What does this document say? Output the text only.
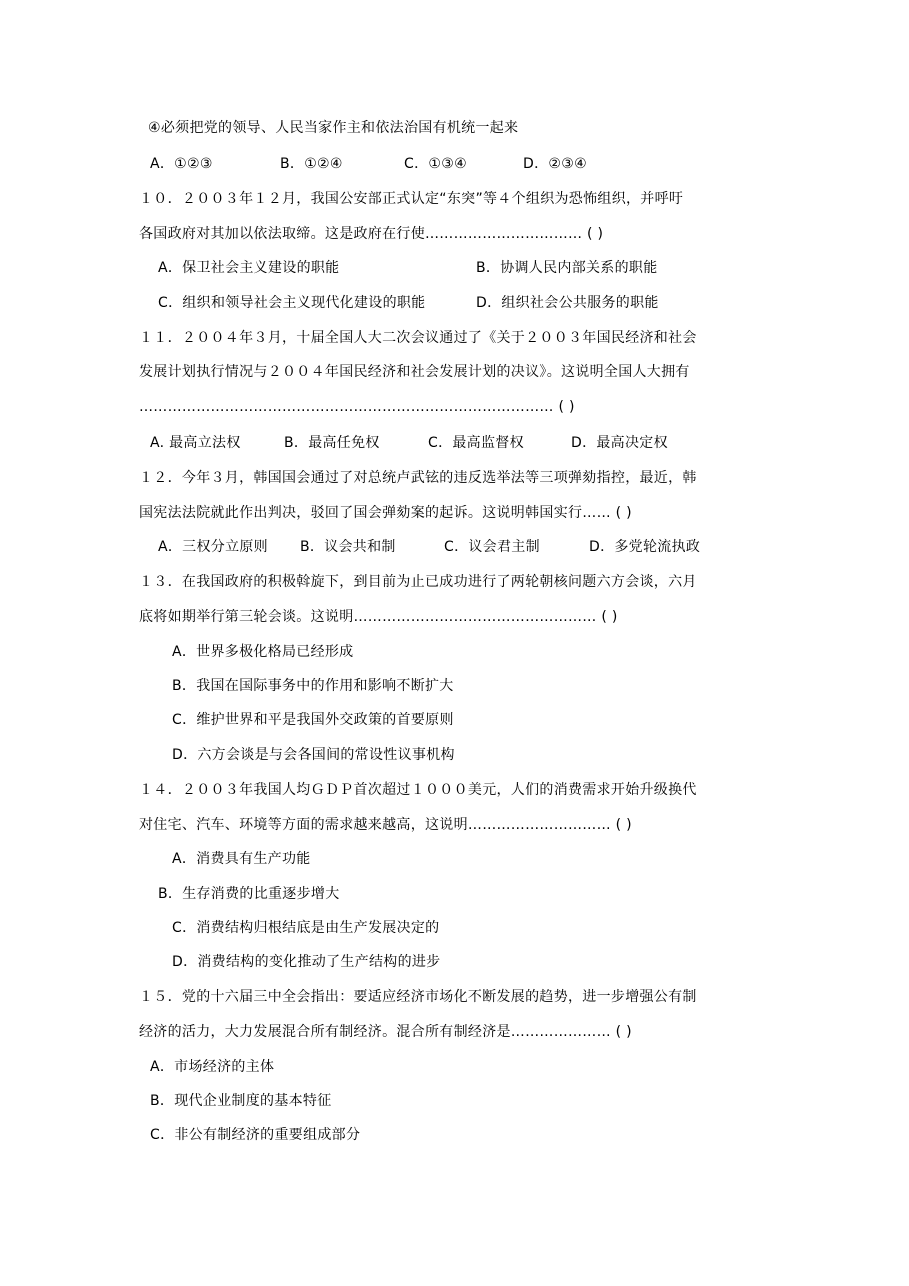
④必须把党的领导、人民当家作主和依法治国有机统一起来
A．①②③	B．①②④	C．①③④	D．②③④
１０．２００３年１２月，我国公安部正式认定“东突”等４个组织为恐怖组织，并呼吁
各国政府对其加以依法取缔。这是政府在行使…………………………… ( )
A．保卫社会主义建设的职能	B．协调人民内部关系的职能
C．组织和领导社会主义现代化建设的职能	D．组织社会公共服务的职能
１１．２００４年３月，十届全国人大二次会议通过了《关于２００３年国民经济和社会
发展计划执行情况与２００４年国民经济和社会发展计划的决议》。这说明全国人大拥有
…………………………………………………………………………… ( )
A. 最高立法权	B．最高任免权	C．最高监督权	D．最高决定权
１２．今年３月，韩国国会通过了对总统卢武铉的违反选举法等三项弹劾指控，最近，韩
国宪法法院就此作出判决，驳回了国会弹劾案的起诉。这说明韩国实行…… ( )
A．三权分立原则 B．议会共和制	C．议会君主制	D．多党轮流执政
１３．在我国政府的积极斡旋下，到目前为止已成功进行了两轮朝核问题六方会谈，六月
底将如期举行第三轮会谈。这说明…………………………………………… ( )
A．世界多极化格局已经形成
B．我国在国际事务中的作用和影响不断扩大
C．维护世界和平是我国外交政策的首要原则
D．六方会谈是与会各国间的常设性议事机构
１４．２００３年我国人均ＧＤＰ首次超过１０００美元，人们的消费需求开始升级换代
对住宅、汽车、环境等方面的需求越来越高，这说明………………………… ( )
A．消费具有生产功能
B．生存消费的比重逐步增大
C．消费结构归根结底是由生产发展决定的
D．消费结构的变化推动了生产结构的进步
１５．党的十六届三中全会指出：要适应经济市场化不断发展的趋势，进一步增强公有制
经济的活力，大力发展混合所有制经济。混合所有制经济是………………… ( )
A．市场经济的主体
B．现代企业制度的基本特征
C．非公有制经济的重要组成部分
